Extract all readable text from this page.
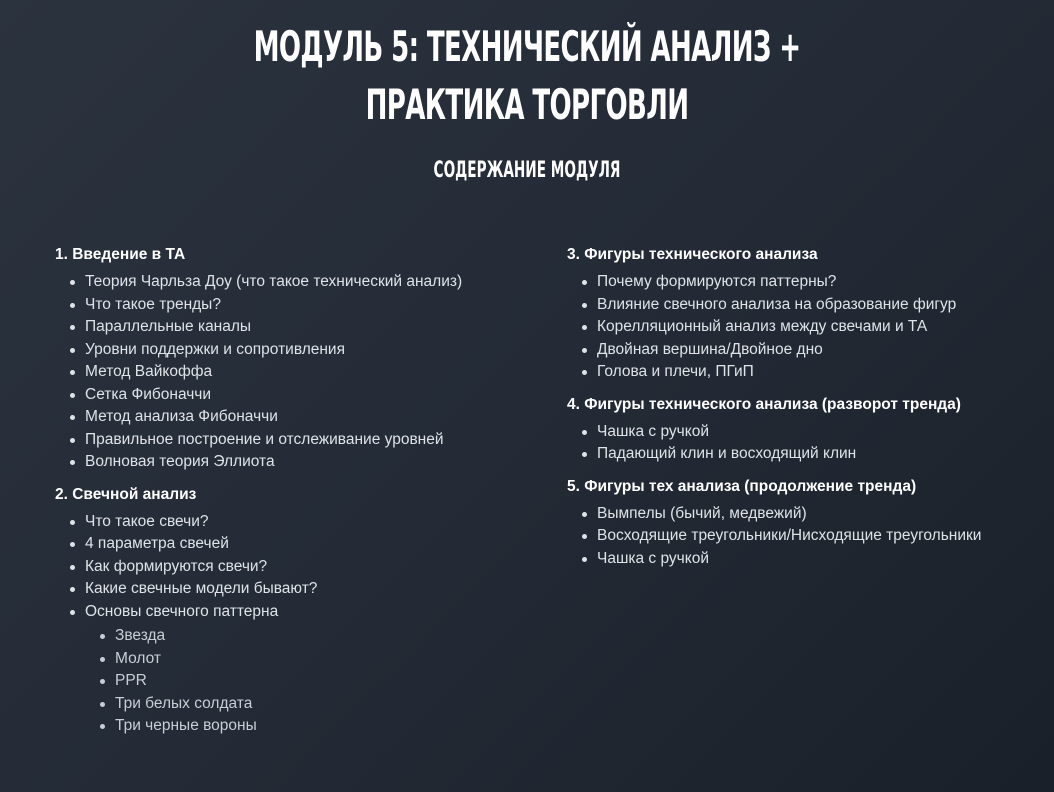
МОДУЛЬ 5: ТЕХНИЧЕСКИЙ АНАЛИЗ +
ПРАКТИКА ТОРГОВЛИ
СОДЕРЖАНИЕ МОДУЛЯ
1. Введение в ТА
Теория Чарльза Доу (что такое технический анализ)
Что такое тренды?
Параллельные каналы
Уровни поддержки и сопротивления
Метод Вайкоффа
Сетка Фибоначчи
Метод анализа Фибоначчи
Правильное построение и отслеживание уровней
Волновая теория Эллиота
2. Свечной анализ
Что такое свечи?
4 параметра свечей
Как формируются свечи?
Какие свечные модели бывают?
Основы свечного паттерна
Звезда
Молот
PPR
Три белых солдата
Три черные вороны
3. Фигуры технического анализа
Почему формируются паттерны?
Влияние свечного анализа на образование фигур
Корелляционный анализ между свечами и ТА
Двойная вершина/Двойное дно
Голова и плечи, ПГиП
4. Фигуры технического анализа (разворот тренда)
Чашка с ручкой
Падающий клин и восходящий клин
5. Фигуры тех анализа (продолжение тренда)
Вымпелы (бычий, медвежий)
Восходящие треугольники/Нисходящие треугольники
Чашка с ручкой
